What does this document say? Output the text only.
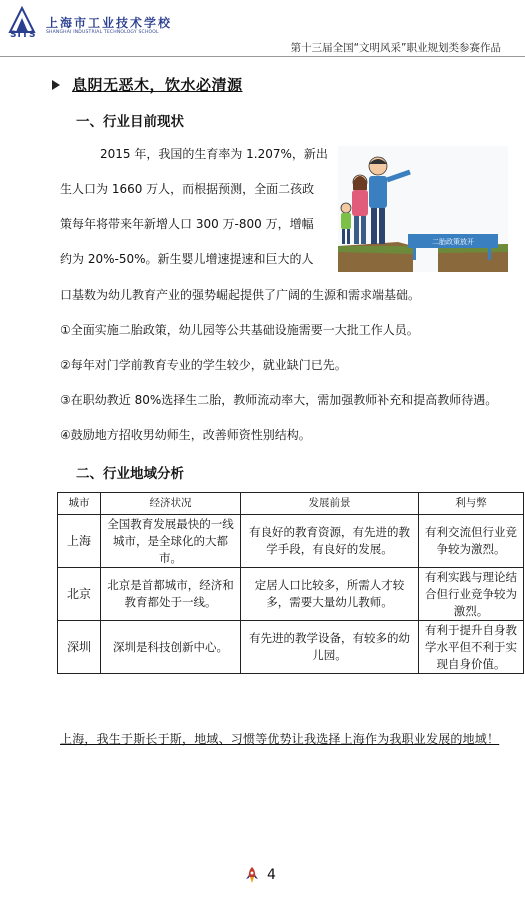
上海市工业技术学校
SHANGHAI INDUSTRIAL TECHNOLOGY SCHOOL
SITS
第十三届全国“文明风采”职业规划类参赛作品
息阴无恶木，饮水必清源
一、行业目前现状
2015 年，我国的生育率为 1.207%，新出
生人口为 1660 万人，而根据预测，全面二孩政
策每年将带来年新增人口 300 万-800 万，增幅
约为 20%-50%。新生婴儿增速提速和巨大的人
口基数为幼儿教育产业的强势崛起提供了广阔的生源和需求端基础。
①全面实施二胎政策，幼儿园等公共基础设施需要一大批工作人员。
②每年对门学前教育专业的学生较少，就业缺门已先。
③在职幼教近 80%选择生二胎，教师流动率大，需加强教师补充和提高教师待遇。
④鼓励地方招收男幼师生，改善师资性别结构。
二胎政策放开
二、行业地域分析
城市	经济状况	发展前景	利与弊
上海	全国教育发展最快的一线城市，是全球化的大都市。	有良好的教育资源，有先进的教学手段，有良好的发展。	有利交流但行业竞争较为激烈。
北京	北京是首都城市，经济和教育都处于一线。	定居人口比较多，所需人才较多，需要大量幼儿教师。	有利实践与理论结合但行业竞争较为激烈。
深圳	深圳是科技创新中心。	有先进的教学设备，有较多的幼儿园。	有利于提升自身教学水平但不利于实现自身价值。
上海，我生于斯长于斯，地域、习惯等优势让我选择上海作为我职业发展的地域！
4
